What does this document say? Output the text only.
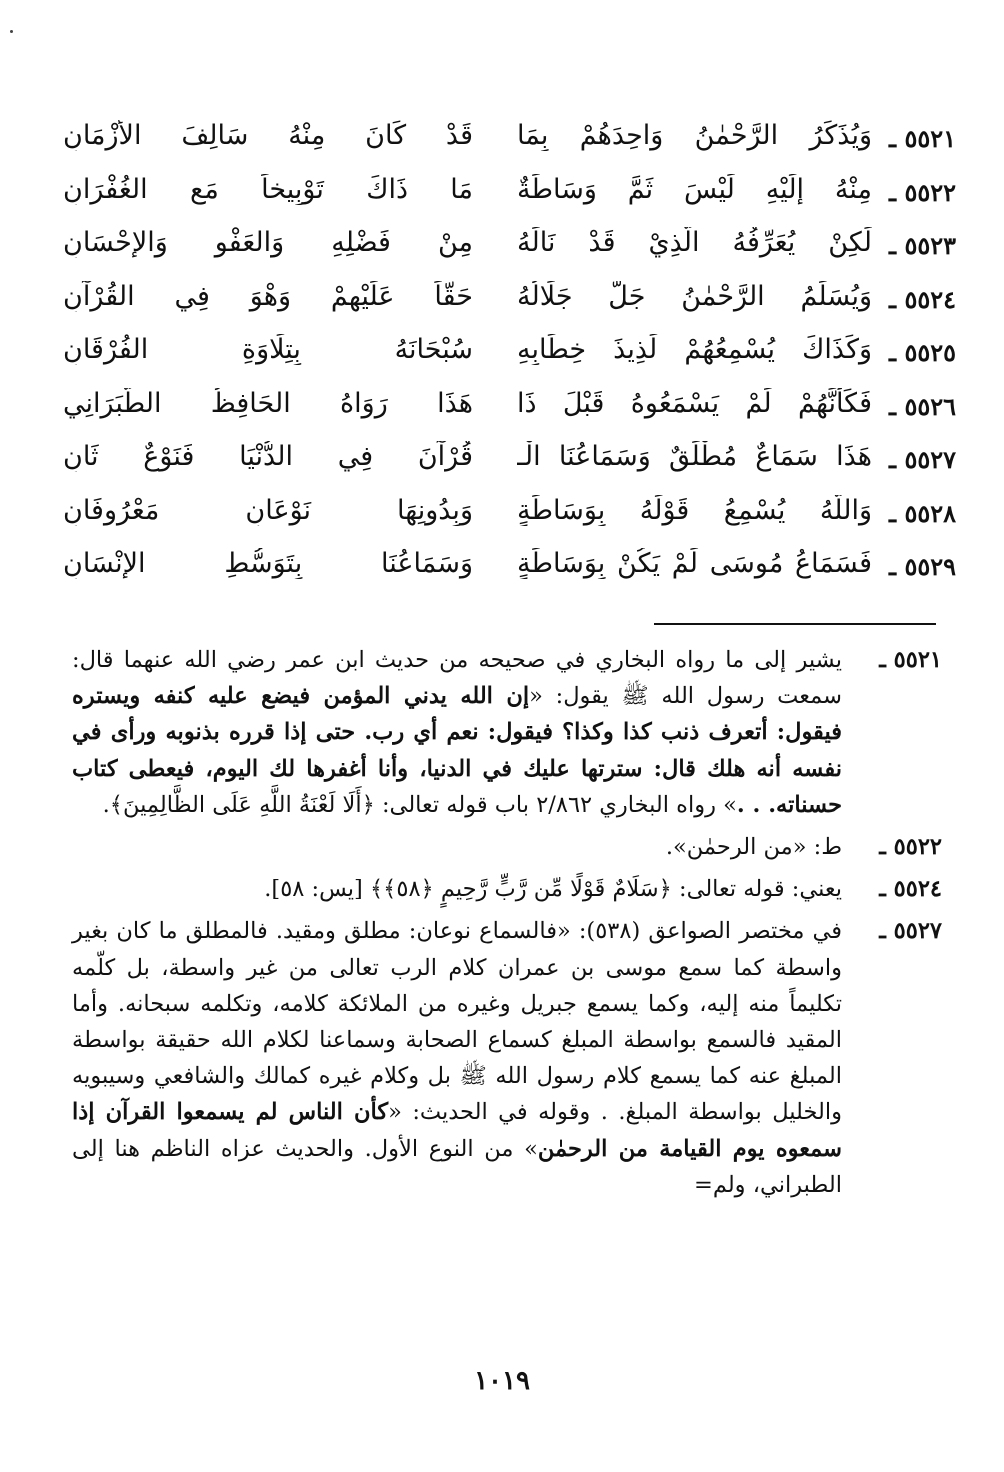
٥٥٢١ ـ
وَيُذَكِّرُ الرَّحْمٰنُ وَاحِدَهُمْ بِمَا
قَدْ كَانَ مِنْهُ سَالِفَ الأَزْمَانِ
٥٥٢٢ ـ
مِنْهُ إِلَيْهِ لَيْسَ ثَمَّ وَسَاطَةٌ
مَا ذَاكَ تَوْبِيخاً مَع الغُفْرَانِ
٥٥٢٣ ـ
لَكِنْ يُعَرِّفُهُ الَّذِيْ قَدْ نَالَهُ
مِنْ فَضْلِهِ وَالعَفْوِ وَالإِحْسَانِ
٥٥٢٤ ـ
وَيُسَلِّمُ الرَّحْمٰنُ جَلَّ جَلَالُهُ
حَقّاً عَلَيْهِمْ وَهْوَ فِي القُرْآنِ
٥٥٢٥ ـ
وَكَذَاكَ يُسْمِعُهُمْ لَذِيذَ خِطَابِهِ
سُبْحَانَهُ بِتِلَاوَةِ الفُرْقَانِ
٥٥٢٦ ـ
فَكَأَنَّهُمْ لَمْ يَسْمَعُوهُ قَبْلَ ذَا
هَذَا رَوَاهُ الحَافِظُ الطَّبَرَانِي
٥٥٢٧ ـ
هَذَا سَمَاعٌ مُطْلَقٌ وَسَمَاعُنَا الْـ
قُرْآنَ فِي الدُّنْيَا فَنَوْعٌ ثَانِ
٥٥٢٨ ـ
وَاللَّهُ يُسْمِعُ قَوْلَهُ بِوَسَاطَةٍ
وَبِدُونِهَا نَوْعَانِ مَعْرُوفَانِ
٥٥٢٩ ـ
فَسَمَاعُ مُوسَى لَمْ يَكُنْ بِوَسَاطَةٍ
وَسَمَاعُنَا بِتَوَسُّطِ الإِنْسَانِ
٥٥٢١ ـ
يشير إلى ما رواه البخاري في صحيحه من حديث ابن عمر رضي الله عنهما قال: سمعت رسول الله ﷺ يقول: «إن الله يدني المؤمن فيضع عليه كنفه ويستره فيقول: أتعرف ذنب كذا وكذا؟ فيقول: نعم أي رب. حتى إذا قرره بذنوبه ورأى في نفسه أنه هلك قال: سترتها عليك في الدنيا، وأنا أغفرها لك اليوم، فيعطى كتاب حسناته. . .» رواه البخاري ٢/٨٦٢ باب قوله تعالى: ﴿أَلَا لَعْنَةُ اللَّهِ عَلَى الظَّالِمِينَ﴾.
٥٥٢٢ ـ
ط: «من الرحمٰن».
٥٥٢٤ ـ
يعني: قوله تعالى: ﴿سَلَامٌ قَوْلًا مِّن رَّبٍّ رَّحِيمٍ ﴿٥٨﴾﴾ [يس: ٥٨].
٥٥٢٧ ـ
في مختصر الصواعق (٥٣٨): «فالسماع نوعان: مطلق ومقيد. فالمطلق ما كان بغير واسطة كما سمع موسى بن عمران كلام الرب تعالى من غير واسطة، بل كلّمه تكليماً منه إليه، وكما يسمع جبريل وغيره من الملائكة كلامه، وتكلمه سبحانه. وأما المقيد فالسمع بواسطة المبلغ كسماع الصحابة وسماعنا لكلام الله حقيقة بواسطة المبلغ عنه كما يسمع كلام رسول الله ﷺ بل وكلام غيره كمالك والشافعي وسيبويه والخليل بواسطة المبلغ. . وقوله في الحديث: «كأن الناس لم يسمعوا القرآن إذا سمعوه يوم القيامة من الرحمٰن» من النوع الأول. والحديث عزاه الناظم هنا إلى الطبراني، ولم=
١٠١٩
